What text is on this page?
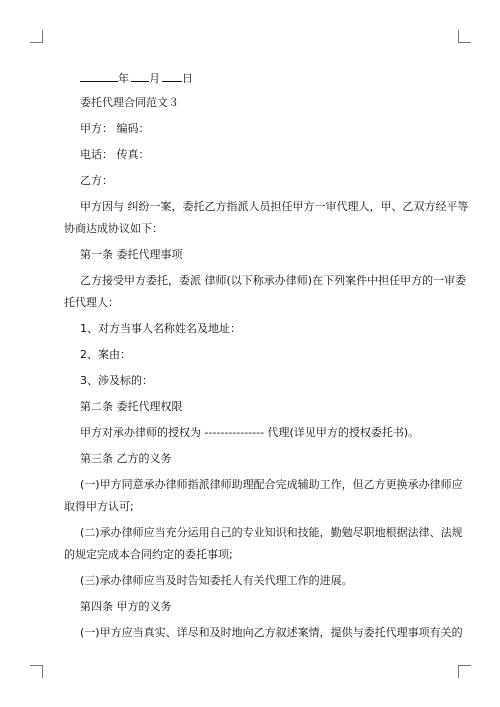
年 月 日
委托代理合同范文３
甲方： 编码：
电话： 传真：
乙方：
甲方因与 纠纷一案，委托乙方指派人员担任甲方一审代理人，甲、乙双方经平等
协商达成协议如下：
第一条 委托代理事项
乙方接受甲方委托，委派 律师(以下称承办律师)在下列案件中担任甲方的一审委
托代理人：
1、对方当事人名称姓名及地址：
2、案由：
3、涉及标的：
第二条 委托代理权限
甲方对承办律师的授权为 --------------- 代理(详见甲方的授权委托书)。
第三条 乙方的义务
(一)甲方同意承办律师指派律师助理配合完成辅助工作，但乙方更换承办律师应
取得甲方认可;
(二)承办律师应当充分运用自己的专业知识和技能，勤勉尽职地根据法律、法规
的规定完成本合同约定的委托事项;
(三)承办律师应当及时告知委托人有关代理工作的进展。
第四条 甲方的义务
(一)甲方应当真实、详尽和及时地向乙方叙述案情，提供与委托代理事项有关的
